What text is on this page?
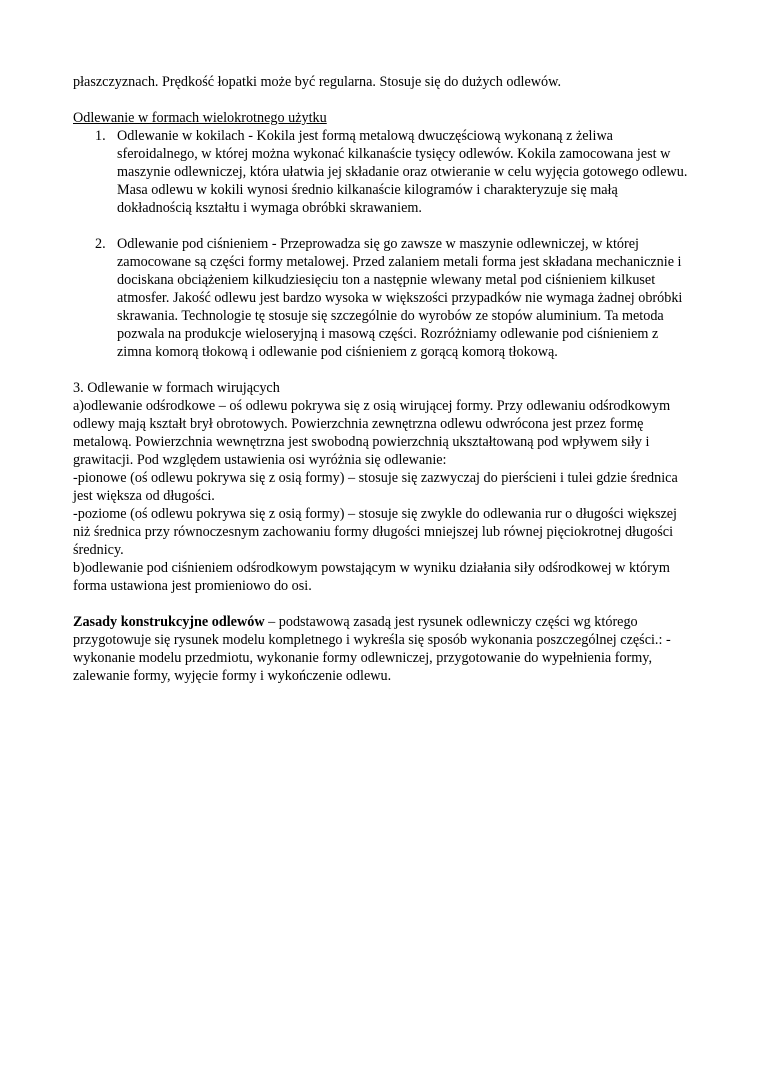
płaszczyznach. Prędkość łopatki może być regularna. Stosuje się do dużych odlewów.

Odlewanie w formach wielokrotnego użytku

1. Odlewanie w kokilach - Kokila jest formą metalową dwuczęściową wykonaną z żeliwa sferoidalnego, w której można wykonać kilkanaście tysięcy odlewów. Kokila zamocowana jest w maszynie odlewniczej, która ułatwia jej składanie oraz otwieranie w celu wyjęcia gotowego odlewu. Masa odlewu w kokili wynosi średnio kilkanaście kilogramów i charakteryzuje się małą dokładnością kształtu i wymaga obróbki skrawaniem.
2. Odlewanie pod ciśnieniem - Przeprowadza się go zawsze w maszynie odlewniczej, w której zamocowane są części formy metalowej. Przed zalaniem metali forma jest składana mechanicznie i dociskana obciążeniem kilkudziesięciu ton a następnie wlewany metal pod ciśnieniem kilkuset atmosfer. Jakość odlewu jest bardzo wysoka w większości przypadków nie wymaga żadnej obróbki skrawania. Technologie tę stosuje się szczególnie do wyrobów ze stopów aluminium. Ta metoda pozwala na produkcje wieloseryjną i masową części. Rozróżniamy odlewanie pod ciśnieniem z zimna komorą tłokową i odlewanie pod ciśnieniem z gorącą komorą tłokową.

3. Odlewanie w formach wirujących

a)odlewanie odśrodkowe – oś odlewu pokrywa się z osią wirującej formy. Przy odlewaniu odśrodkowym odlewy mają kształt brył obrotowych. Powierzchnia zewnętrzna odlewu odwrócona jest przez formę metalową. Powierzchnia wewnętrzna jest swobodną powierzchnią ukształtowaną pod wpływem siły i grawitacji. Pod względem ustawienia osi wyróżnia się odlewanie:

-pionowe (oś odlewu pokrywa się z osią formy) – stosuje się zazwyczaj do pierścieni i tulei gdzie średnica jest większa od długości.

-poziome (oś odlewu pokrywa się z osią formy) – stosuje się zwykle do odlewania rur o długości większej niż średnica przy równoczesnym zachowaniu formy długości mniejszej lub równej pięciokrotnej długości średnicy.

b)odlewanie pod ciśnieniem odśrodkowym powstającym w wyniku działania siły odśrodkowej w którym forma ustawiona jest promieniowo do osi.

Zasady konstrukcyjne odlewów – podstawową zasadą jest rysunek odlewniczy części wg którego przygotowuje się rysunek modelu kompletnego i wykreśla się sposób wykonania poszczególnej części.: - wykonanie modelu przedmiotu, wykonanie formy odlewniczej, przygotowanie do wypełnienia formy, zalewanie formy, wyjęcie formy i wykończenie odlewu.
